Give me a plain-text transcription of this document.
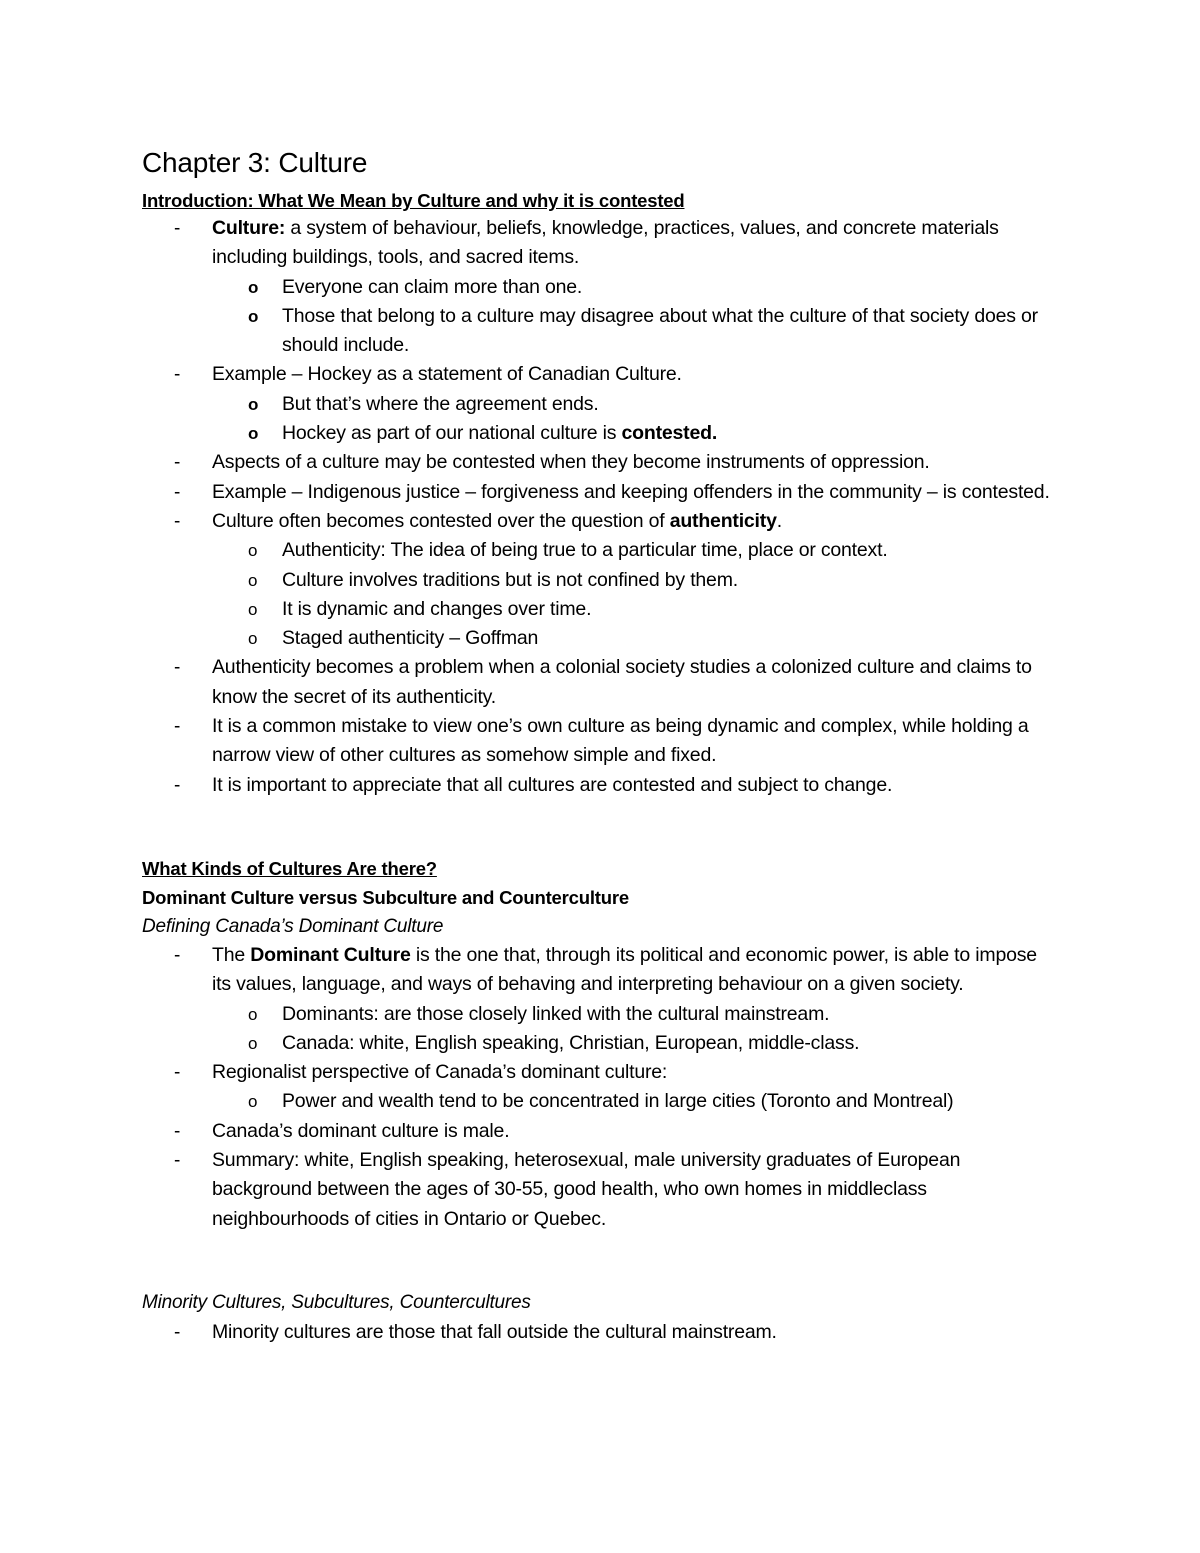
Chapter 3: Culture

Introduction: What We Mean by Culture and why it is contested

- Culture: a system of behaviour, beliefs, knowledge, practices, values, and concrete materials including buildings, tools, and sacred items.
o Everyone can claim more than one.
o Those that belong to a culture may disagree about what the culture of that society does or should include.
- Example – Hockey as a statement of Canadian Culture.
o But that’s where the agreement ends.
o Hockey as part of our national culture is contested.
- Aspects of a culture may be contested when they become instruments of oppression.
- Example – Indigenous justice – forgiveness and keeping offenders in the community – is contested.
- Culture often becomes contested over the question of authenticity.
o Authenticity: The idea of being true to a particular time, place or context.
o Culture involves traditions but is not confined by them.
o It is dynamic and changes over time.
o Staged authenticity – Goffman
- Authenticity becomes a problem when a colonial society studies a colonized culture and claims to know the secret of its authenticity.
- It is a common mistake to view one’s own culture as being dynamic and complex, while holding a narrow view of other cultures as somehow simple and fixed.
- It is important to appreciate that all cultures are contested and subject to change.

What Kinds of Cultures Are there?

Dominant Culture versus Subculture and Counterculture

Defining Canada’s Dominant Culture

- The Dominant Culture is the one that, through its political and economic power, is able to impose its values, language, and ways of behaving and interpreting behaviour on a given society.
o Dominants: are those closely linked with the cultural mainstream.
o Canada: white, English speaking, Christian, European, middle-class.
- Regionalist perspective of Canada’s dominant culture:
o Power and wealth tend to be concentrated in large cities (Toronto and Montreal)
- Canada’s dominant culture is male.
- Summary: white, English speaking, heterosexual, male university graduates of European background between the ages of 30-55, good health, who own homes in middleclass neighbourhoods of cities in Ontario or Quebec.

Minority Cultures, Subcultures, Countercultures

- Minority cultures are those that fall outside the cultural mainstream.
